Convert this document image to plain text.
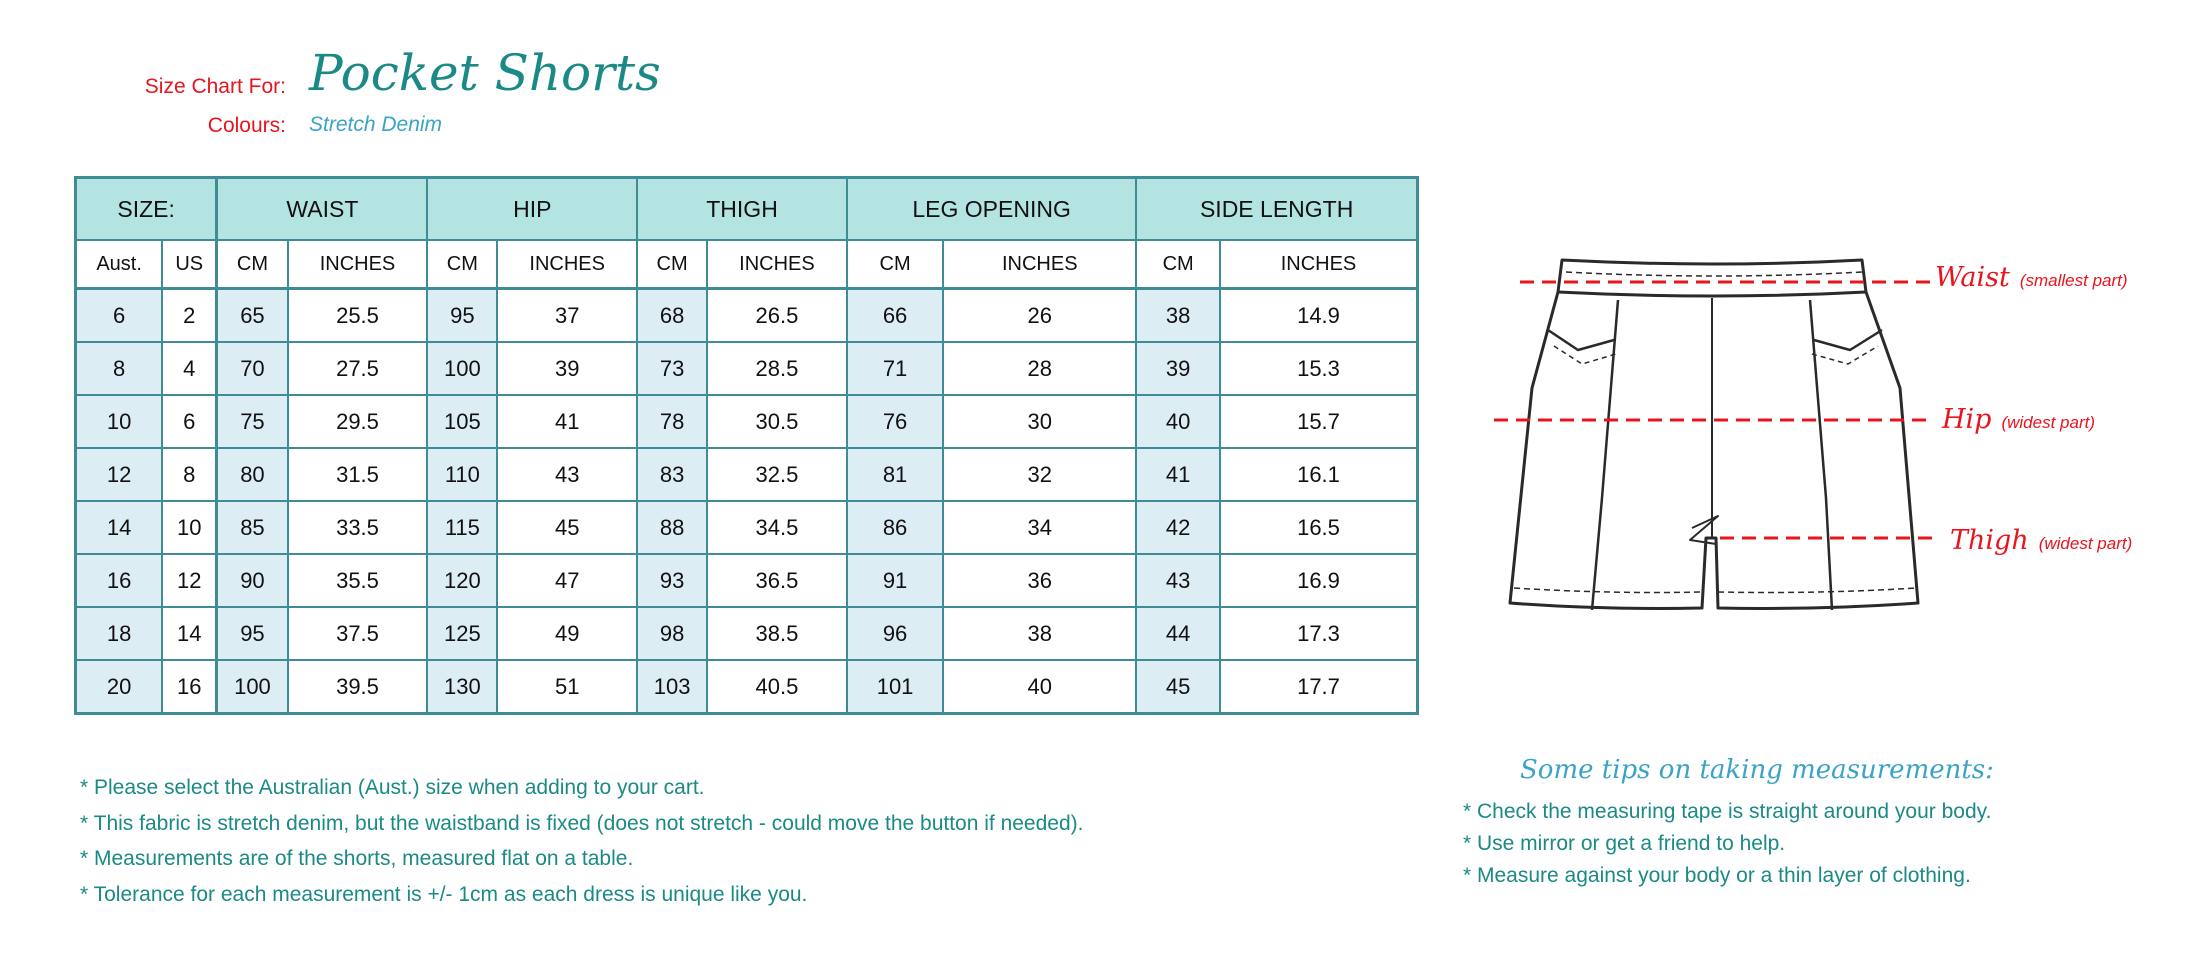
Size Chart For:
Colours:
Pocket Shorts
Stretch Denim
SIZE:		WAIST		HIP		THIGH		LEG OPENING		SIDE LENGTH	
Aust.	US	CM	INCHES	CM	INCHES	CM	INCHES	CM	INCHES	CM	INCHES
6	2	65	25.5	95	37	68	26.5	66	26	38	14.9
8	4	70	27.5	100	39	73	28.5	71	28	39	15.3
10	6	75	29.5	105	41	78	30.5	76	30	40	15.7
12	8	80	31.5	110	43	83	32.5	81	32	41	16.1
14	10	85	33.5	115	45	88	34.5	86	34	42	16.5
16	12	90	35.5	120	47	93	36.5	91	36	43	16.9
18	14	95	37.5	125	49	98	38.5	96	38	44	17.3
20	16	100	39.5	130	51	103	40.5	101	40	45	17.7
* Please select the Australian (Aust.) size when adding to your cart.
* This fabric is stretch denim, but the waistband is fixed (does not stretch - could move the button if needed).
* Measurements are of the shorts, measured flat on a table.
* Tolerance for each measurement is +/- 1cm as each dress is unique like you.
Some tips on taking measurements:
* Check the measuring tape is straight around your body.
* Use mirror or get a friend to help.
* Measure against your body or a thin layer of clothing.
Waist (smallest part)
Hip (widest part)
Thigh (widest part)
